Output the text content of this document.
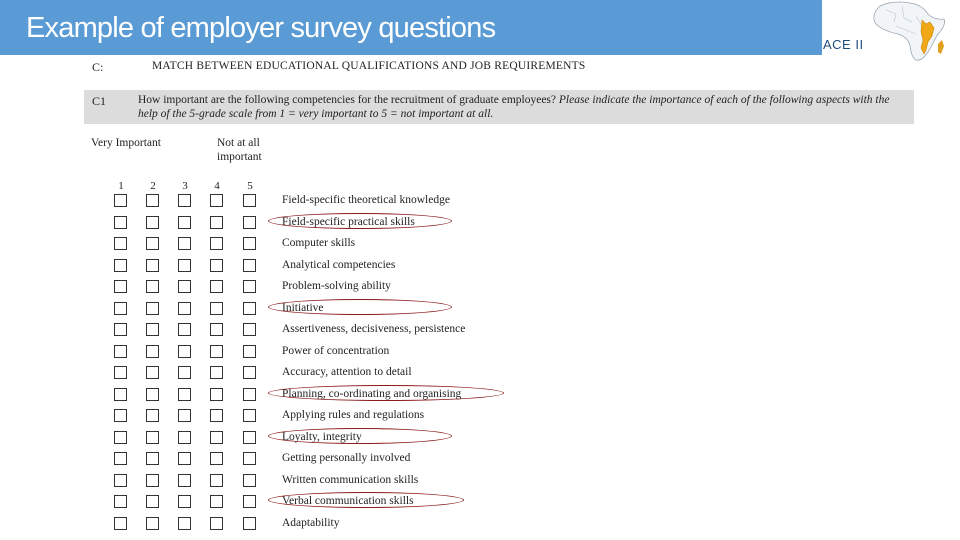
Example of employer survey questions
ACE II
C:	MATCH BETWEEN EDUCATIONAL QUALIFICATIONS AND JOB REQUIREMENTS
C1	How important are the following competencies for the recruitment of graduate employees? Please indicate the importance of each of the following aspects with the help of the 5-grade scale from 1 = very important to 5 = not important at all.
Very Important	Not at all important
1	2	3	4	5
Field-specific theoretical knowledge
Field-specific practical skills
Computer skills
Analytical competencies
Problem-solving ability
Initiative
Assertiveness, decisiveness, persistence
Power of concentration
Accuracy, attention to detail
Planning, co-ordinating and organising
Applying rules and regulations
Loyalty, integrity
Getting personally involved
Written communication skills
Verbal communication skills
Adaptability
